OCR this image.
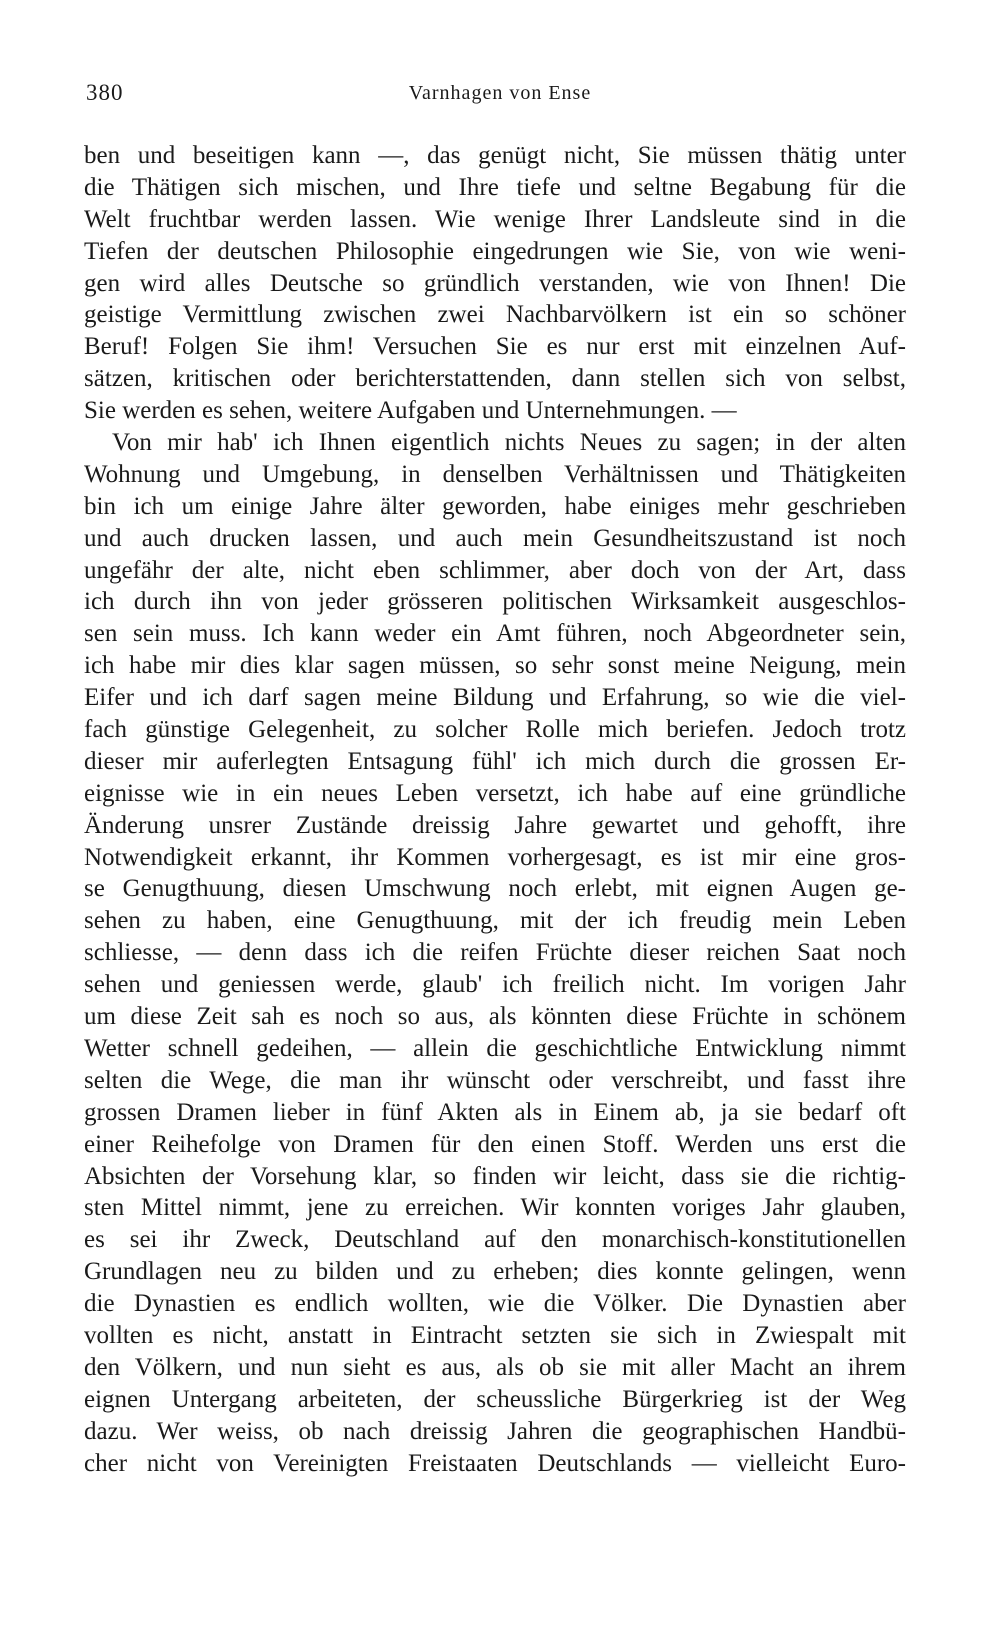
380	Varnhagen von Ense
ben und beseitigen kann —, das genügt nicht, Sie müssen thätig unter
die Thätigen sich mischen, und Ihre tiefe und seltne Begabung für die
Welt fruchtbar werden lassen. Wie wenige Ihrer Landsleute sind in die
Tiefen der deutschen Philosophie eingedrungen wie Sie, von wie weni-
gen wird alles Deutsche so gründlich verstanden, wie von Ihnen! Die
geistige Vermittlung zwischen zwei Nachbarvölkern ist ein so schöner
Beruf! Folgen Sie ihm! Versuchen Sie es nur erst mit einzelnen Auf-
sätzen, kritischen oder berichterstattenden, dann stellen sich von selbst,
Sie werden es sehen, weitere Aufgaben und Unternehmungen. —
Von mir hab' ich Ihnen eigentlich nichts Neues zu sagen; in der alten
Wohnung und Umgebung, in denselben Verhältnissen und Thätigkeiten
bin ich um einige Jahre älter geworden, habe einiges mehr geschrieben
und auch drucken lassen, und auch mein Gesundheitszustand ist noch
ungefähr der alte, nicht eben schlimmer, aber doch von der Art, dass
ich durch ihn von jeder grösseren politischen Wirksamkeit ausgeschlos-
sen sein muss. Ich kann weder ein Amt führen, noch Abgeordneter sein,
ich habe mir dies klar sagen müssen, so sehr sonst meine Neigung, mein
Eifer und ich darf sagen meine Bildung und Erfahrung, so wie die viel-
fach günstige Gelegenheit, zu solcher Rolle mich beriefen. Jedoch trotz
dieser mir auferlegten Entsagung fühl' ich mich durch die grossen Er-
eignisse wie in ein neues Leben versetzt, ich habe auf eine gründliche
Änderung unsrer Zustände dreissig Jahre gewartet und gehofft, ihre
Notwendigkeit erkannt, ihr Kommen vorhergesagt, es ist mir eine gros-
se Genugthuung, diesen Umschwung noch erlebt, mit eignen Augen ge-
sehen zu haben, eine Genugthuung, mit der ich freudig mein Leben
schliesse, — denn dass ich die reifen Früchte dieser reichen Saat noch
sehen und geniessen werde, glaub' ich freilich nicht. Im vorigen Jahr
um diese Zeit sah es noch so aus, als könnten diese Früchte in schönem
Wetter schnell gedeihen, — allein die geschichtliche Entwicklung nimmt
selten die Wege, die man ihr wünscht oder verschreibt, und fasst ihre
grossen Dramen lieber in fünf Akten als in Einem ab, ja sie bedarf oft
einer Reihefolge von Dramen für den einen Stoff. Werden uns erst die
Absichten der Vorsehung klar, so finden wir leicht, dass sie die richtig-
sten Mittel nimmt, jene zu erreichen. Wir konnten voriges Jahr glauben,
es sei ihr Zweck, Deutschland auf den monarchisch-konstitutionellen
Grundlagen neu zu bilden und zu erheben; dies konnte gelingen, wenn
die Dynastien es endlich wollten, wie die Völker. Die Dynastien aber
vollten es nicht, anstatt in Eintracht setzten sie sich in Zwiespalt mit
den Völkern, und nun sieht es aus, als ob sie mit aller Macht an ihrem
eignen Untergang arbeiteten, der scheussliche Bürgerkrieg ist der Weg
dazu. Wer weiss, ob nach dreissig Jahren die geographischen Handbü-
cher nicht von Vereinigten Freistaaten Deutschlands — vielleicht Euro-
